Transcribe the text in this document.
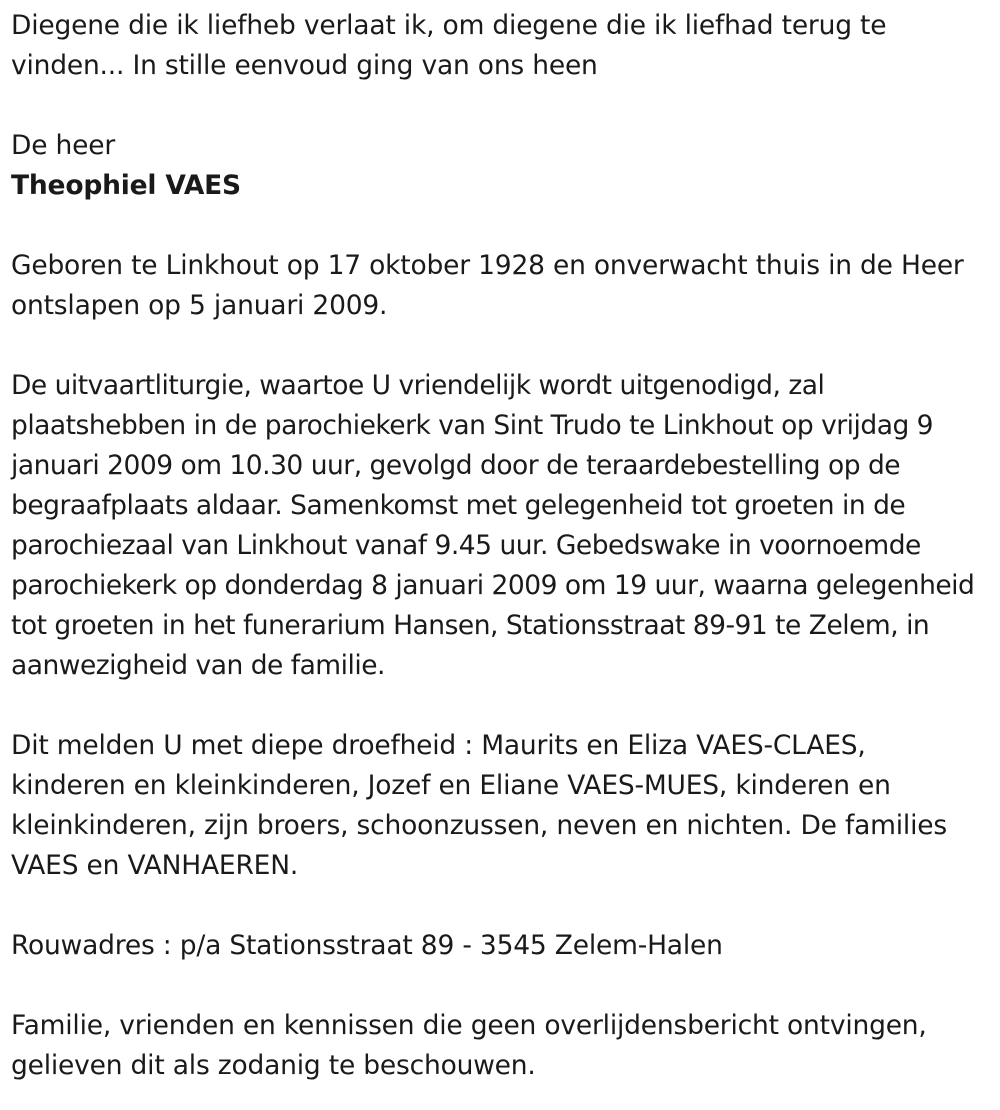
Diegene die ik liefheb verlaat ik, om diegene die ik liefhad terug te vinden... In stille eenvoud ging van ons heen

De heer

Theophiel VAES

Geboren te Linkhout op 17 oktober 1928 en onverwacht thuis in de Heer ontslapen op 5 januari 2009.

De uitvaartliturgie, waartoe U vriendelijk wordt uitgenodigd, zal plaatshebben in de parochiekerk van Sint Trudo te Linkhout op vrijdag 9 januari 2009 om 10.30 uur, gevolgd door de teraardebestelling op de begraafplaats aldaar. Samenkomst met gelegenheid tot groeten in de parochiezaal van Linkhout vanaf 9.45 uur. Gebedswake in voornoemde parochiekerk op donderdag 8 januari 2009 om 19 uur, waarna gelegenheid tot groeten in het funerarium Hansen, Stationsstraat 89-91 te Zelem, in aanwezigheid van de familie.

Dit melden U met diepe droefheid : Maurits en Eliza VAES-CLAES, kinderen en kleinkinderen, Jozef en Eliane VAES-MUES, kinderen en kleinkinderen, zijn broers, schoonzussen, neven en nichten. De families VAES en VANHAEREN.

Rouwadres : p/a Stationsstraat 89 - 3545 Zelem-Halen

Familie, vrienden en kennissen die geen overlijdensbericht ontvingen, gelieven dit als zodanig te beschouwen.
